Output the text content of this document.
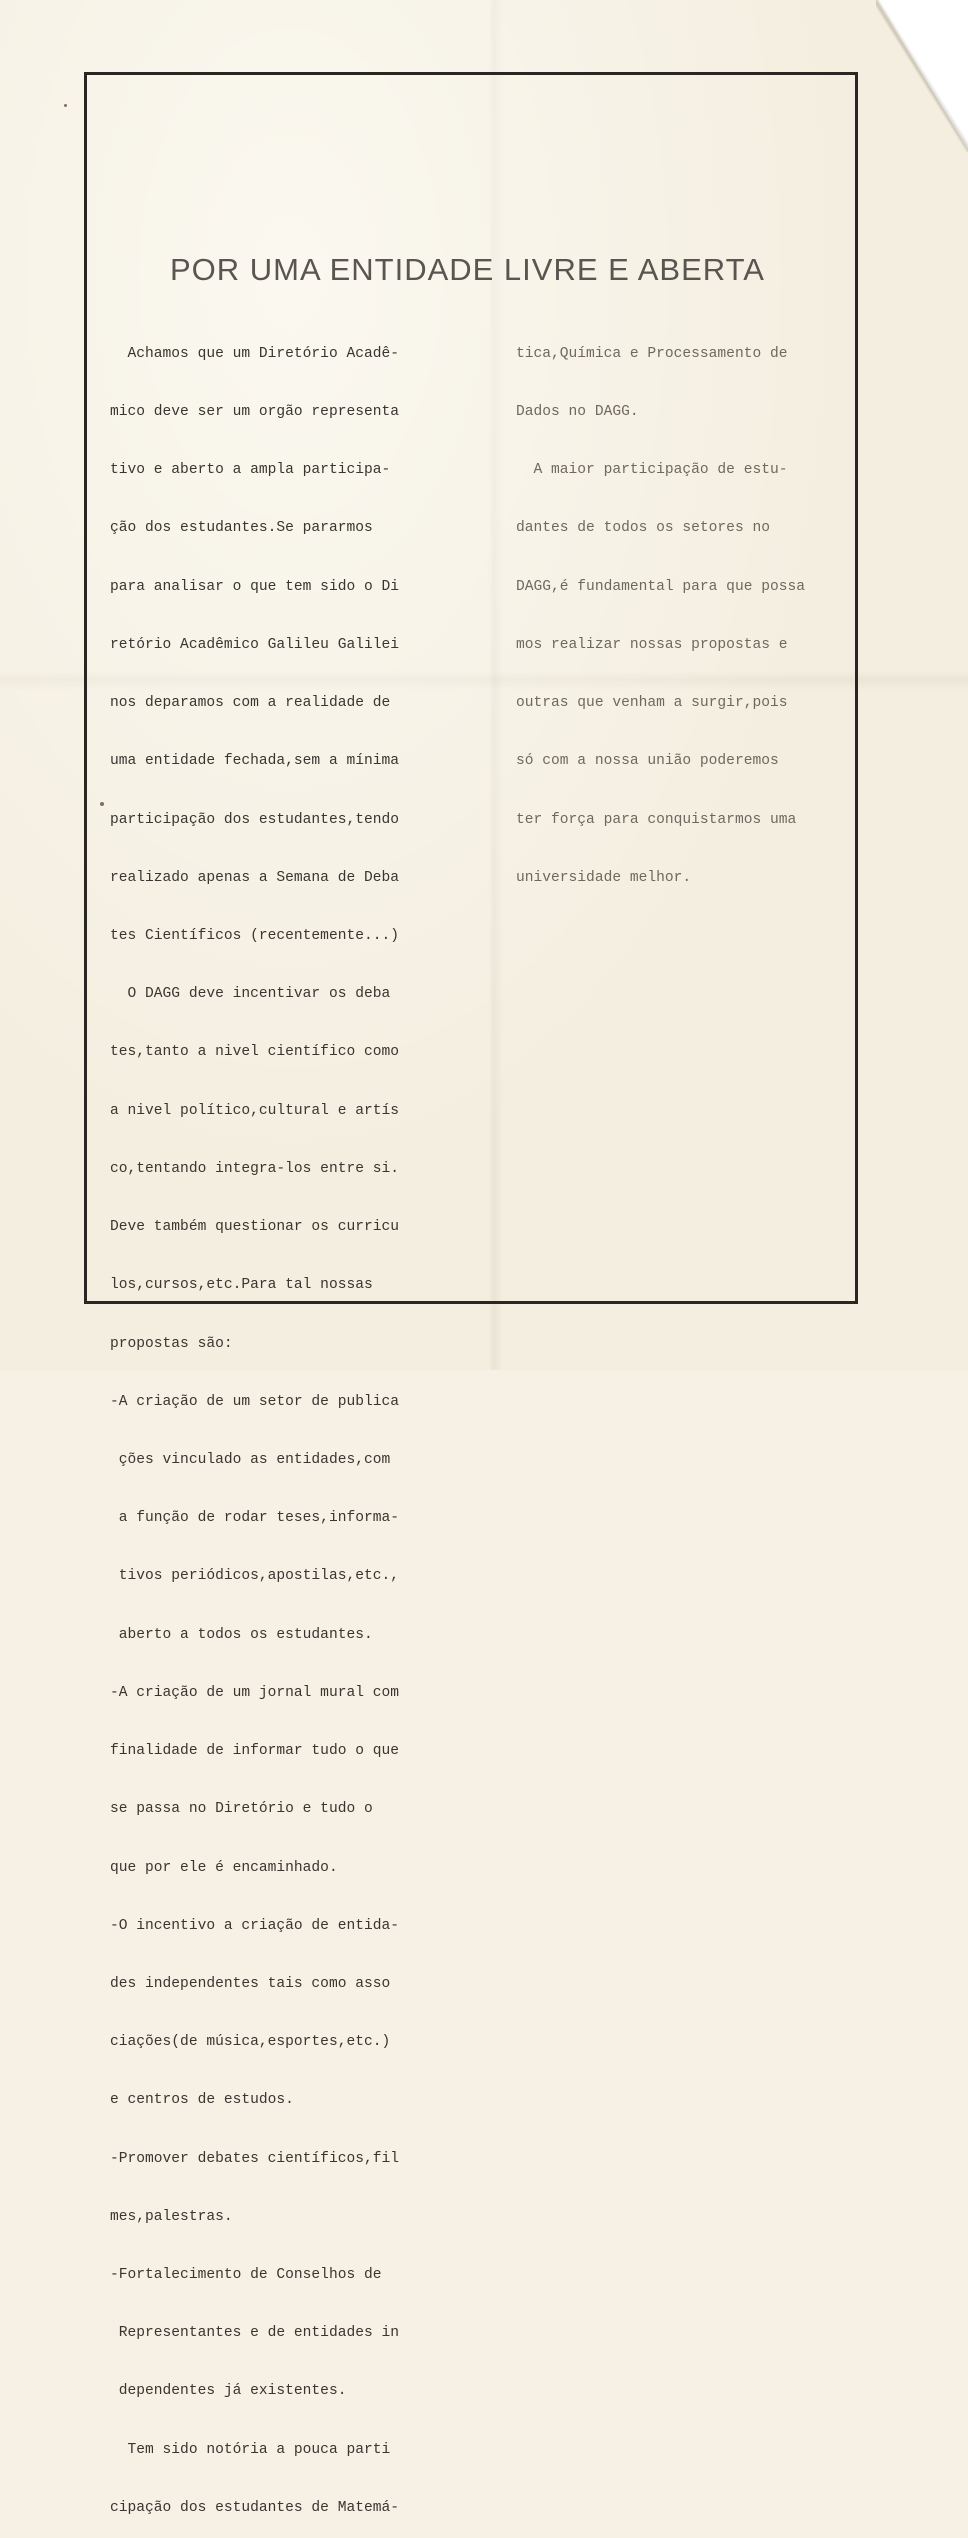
POR UMA ENTIDADE LIVRE E ABERTA

Achamos que um Diretório Acadê-

mico deve ser um orgão representa

tivo e aberto a ampla participa-

ção dos estudantes.Se pararmos

para analisar o que tem sido o Di

retório Acadêmico Galileu Galilei

nos deparamos com a realidade de

uma entidade fechada,sem a mínima

participação dos estudantes,tendo

realizado apenas a Semana de Deba

tes Científicos (recentemente...)

O DAGG deve incentivar os deba

tes,tanto a nivel científico como

a nivel político,cultural e artís

co,tentando integra-los entre si.

Deve também questionar os curricu

los,cursos,etc.Para tal nossas

propostas são:

-A criação de um setor de publica

ções vinculado as entidades,com

a função de rodar teses,informa-

tivos periódicos,apostilas,etc.,

aberto a todos os estudantes.

-A criação de um jornal mural com

finalidade de informar tudo o que

se passa no Diretório e tudo o

que por ele é encaminhado.

-O incentivo a criação de entida-

des independentes tais como asso

ciações(de música,esportes,etc.)

e centros de estudos.

-Promover debates científicos,fil

mes,palestras.

-Fortalecimento de Conselhos de

Representantes e de entidades in

dependentes já existentes.

Tem sido notória a pouca parti

cipação dos estudantes de Matemá-

tica,Química e Processamento de

Dados no DAGG.

A maior participação de estu-

dantes de todos os setores no

DAGG,é fundamental para que possa

mos realizar nossas propostas e

outras que venham a surgir,pois

só com a nossa união poderemos

ter força para conquistarmos uma

universidade melhor.
